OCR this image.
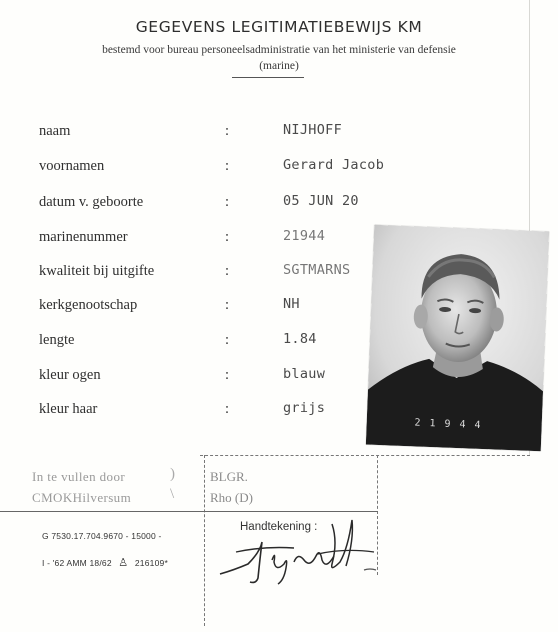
GEGEVENS LEGITIMATIEBEWIJS KM
bestemd voor bureau personeelsadministratie van het ministerie van defensie
(marine)
naam	:	NIJHOFF
voornamen	:	Gerard Jacob
datum v. geboorte	:	05 JUN 20
marinenummer	:	21944
kwaliteit bij uitgifte	:	SGTMARNS
kerkgenootschap	:	NH
lengte	:	1.84
kleur ogen	:	blauw
kleur haar	:	grijs
21944
In te vullen door
CMOKHilversum
)
\
BLGR.
Rho (D)
G 7530.17.704.9670 - 15000 -
I - '62 AMM 18/62 ♙ 216109*
Handtekening :
